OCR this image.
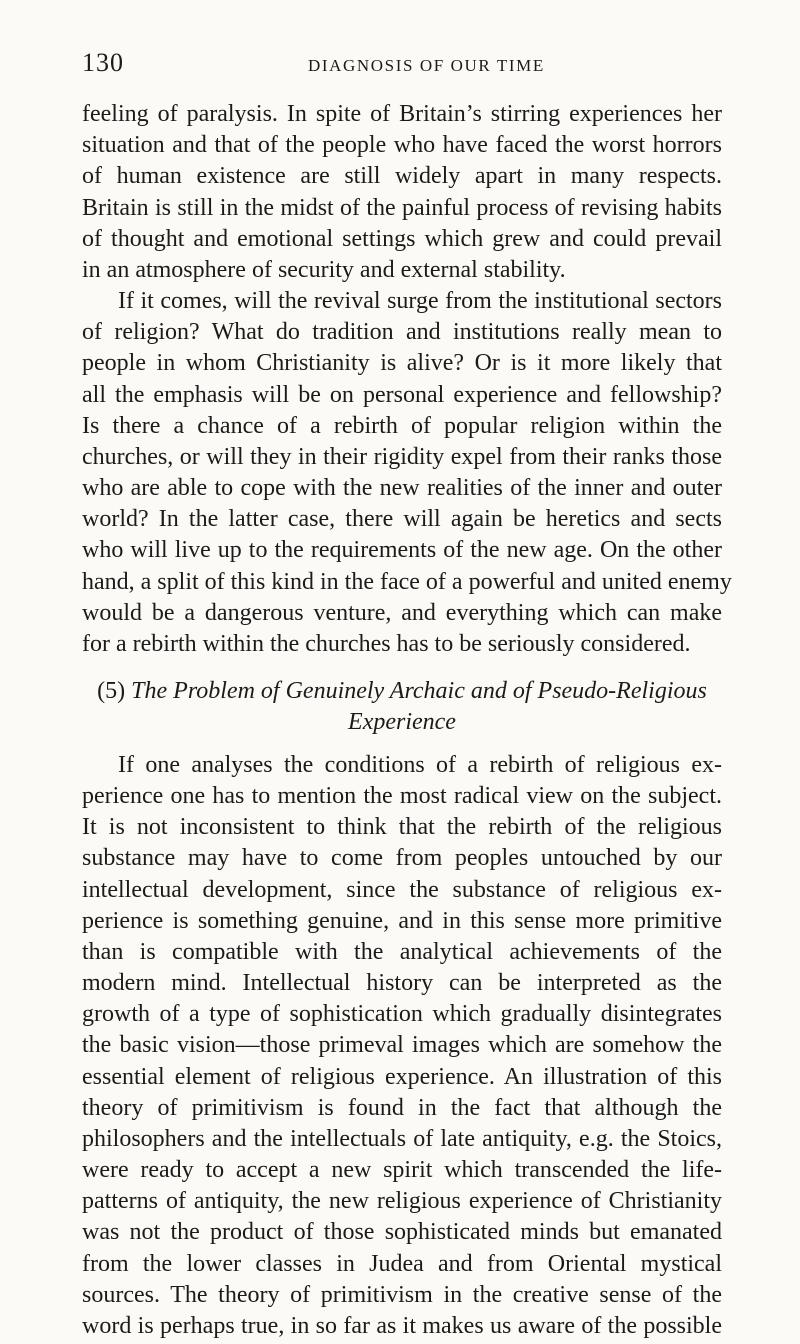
130	DIAGNOSIS OF OUR TIME
feeling of paralysis. In spite of Britain’s stirring experiences her
situation and that of the people who have faced the worst horrors
of human existence are still widely apart in many respects.
Britain is still in the midst of the painful process of revising habits
of thought and emotional settings which grew and could prevail
in an atmosphere of security and external stability.
If it comes, will the revival surge from the institutional sectors
of religion? What do tradition and institutions really mean to
people in whom Christianity is alive? Or is it more likely that
all the emphasis will be on personal experience and fellowship?
Is there a chance of a rebirth of popular religion within the
churches, or will they in their rigidity expel from their ranks those
who are able to cope with the new realities of the inner and outer
world? In the latter case, there will again be heretics and sects
who will live up to the requirements of the new age. On the other
hand, a split of this kind in the face of a powerful and united enemy
would be a dangerous venture, and everything which can make
for a rebirth within the churches has to be seriously considered.
(5) The Problem of Genuinely Archaic and of Pseudo-Religious
Experience
If one analyses the conditions of a rebirth of religious ex-
perience one has to mention the most radical view on the subject.
It is not inconsistent to think that the rebirth of the religious
substance may have to come from peoples untouched by our
intellectual development, since the substance of religious ex-
perience is something genuine, and in this sense more primitive
than is compatible with the analytical achievements of the
modern mind. Intellectual history can be interpreted as the
growth of a type of sophistication which gradually disintegrates
the basic vision—those primeval images which are somehow the
essential element of religious experience. An illustration of this
theory of primitivism is found in the fact that although the
philosophers and the intellectuals of late antiquity, e.g. the Stoics,
were ready to accept a new spirit which transcended the life-
patterns of antiquity, the new religious experience of Christianity
was not the product of those sophisticated minds but emanated
from the lower classes in Judea and from Oriental mystical
sources. The theory of primitivism in the creative sense of the
word is perhaps true, in so far as it makes us aware of the possible
